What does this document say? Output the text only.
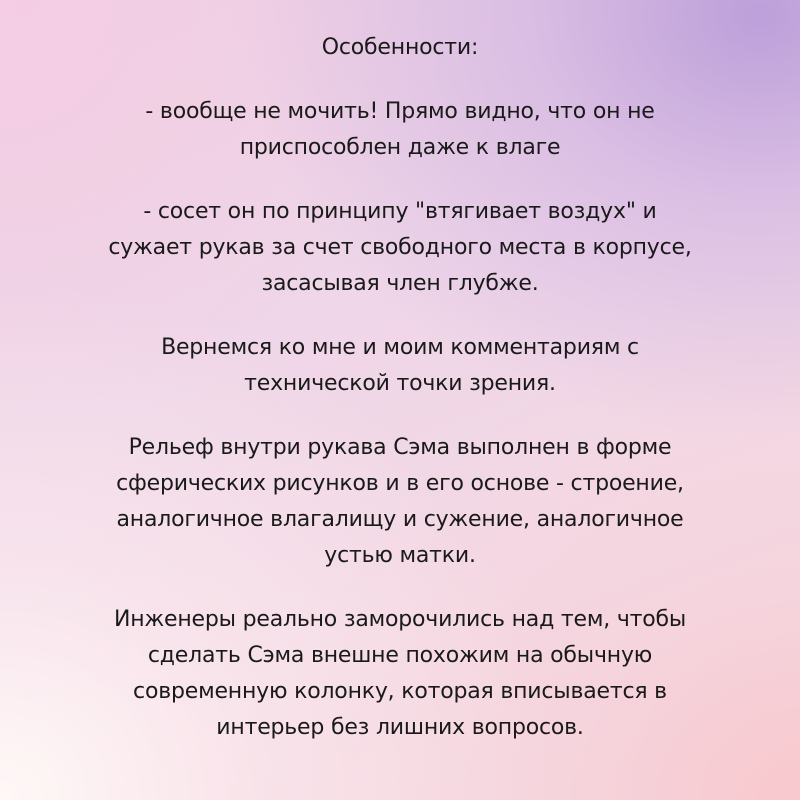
Особенности:

- вообще не мочить! Прямо видно, что он не
приспособлен даже к влаге

- сосет он по принципу "втягивает воздух" и
сужает рукав за счет свободного места в корпусе,
засасывая член глубже.

Вернемся ко мне и моим комментариям с
технической точки зрения.

Рельеф внутри рукава Сэма выполнен в форме
сферических рисунков и в его основе - строение,
аналогичное влагалищу и сужение, аналогичное
устью матки.

Инженеры реально заморочились над тем, чтобы
сделать Сэма внешне похожим на обычную
современную колонку, которая вписывается в
интерьер без лишних вопросов.
